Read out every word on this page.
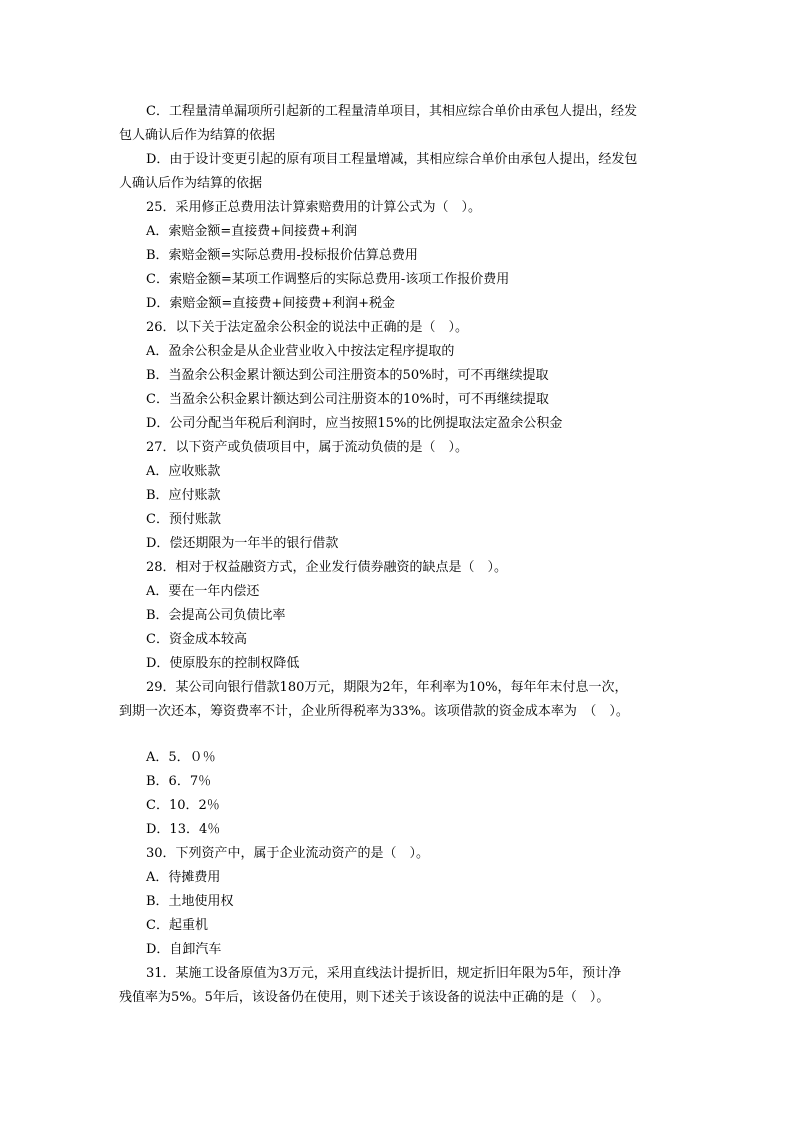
C．工程量清单漏项所引起新的工程量清单项目，其相应综合单价由承包人提出，经发
包人确认后作为结算的依据
D．由于设计变更引起的原有项目工程量增减，其相应综合单价由承包人提出，经发包
人确认后作为结算的依据
25．采用修正总费用法计算索赔费用的计算公式为（　）。
A．索赔金额=直接费+间接费+利润
B．索赔金额=实际总费用-投标报价估算总费用
C．索赔金额=某项工作调整后的实际总费用-该项工作报价费用
D．索赔金额=直接费+间接费+利润+税金
26．以下关于法定盈余公积金的说法中正确的是（　）。
A．盈余公积金是从企业营业收入中按法定程序提取的
B．当盈余公积金累计额达到公司注册资本的50%时，可不再继续提取
C．当盈余公积金累计额达到公司注册资本的10%时，可不再继续提取
D．公司分配当年税后利润时，应当按照15%的比例提取法定盈余公积金
27．以下资产或负债项目中，属于流动负债的是（　）。
A．应收账款
B．应付账款
C．预付账款
D．偿还期限为一年半的银行借款
28．相对于权益融资方式，企业发行债券融资的缺点是（　）。
A．要在一年内偿还
B．会提高公司负债比率
C．资金成本较高
D．使原股东的控制权降低
29．某公司向银行借款180万元，期限为2年，年利率为10%，每年年末付息一次，
到期一次还本，筹资费率不计，企业所得税率为33%。该项借款的资金成本率为　（　）。
A．5．０％
B．6．7％
C．10．2％
D．13．4％
30．下列资产中，属于企业流动资产的是（　）。
A．待摊费用
B．土地使用权
C．起重机
D．自卸汽车
31．某施工设备原值为3万元，采用直线法计提折旧，规定折旧年限为5年，预计净
残值率为5%。5年后，该设备仍在使用，则下述关于该设备的说法中正确的是（　）。
